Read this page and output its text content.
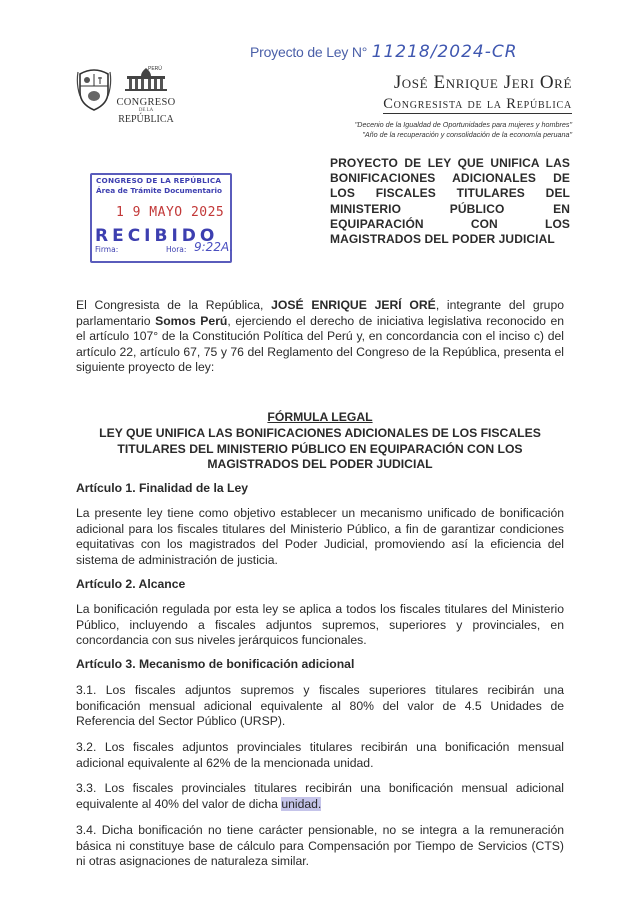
Proyecto de Ley N° 11218/2024-CR
CONGRESO
DE LA
REPÚBLICA
PERÚ
José Enrique Jeri Oré
Congresista de la República
"Decenio de la Igualdad de Oportunidades para mujeres y hombres"
"Año de la recuperación y consolidación de la economía peruana"
CONGRESO DE LA REPÚBLICA
Área de Trámite Documentario
1 9 MAYO 2025
RECIBIDO
Firma:	Hora: 9:22A.
PROYECTO DE LEY QUE UNIFICA LAS BONIFICACIONES ADICIONALES DE LOS FISCALES TITULARES DEL MINISTERIO PÚBLICO EN EQUIPARACIÓN CON LOS MAGISTRADOS DEL PODER JUDICIAL
El Congresista de la República, JOSÉ ENRIQUE JERÍ ORÉ, integrante del grupo parlamentario Somos Perú, ejerciendo el derecho de iniciativa legislativa reconocido en el artículo 107° de la Constitución Política del Perú y, en concordancia con el inciso c) del artículo 22, artículo 67, 75 y 76 del Reglamento del Congreso de la República, presenta el siguiente proyecto de ley:
FÓRMULA LEGAL
LEY QUE UNIFICA LAS BONIFICACIONES ADICIONALES DE LOS FISCALES TITULARES DEL MINISTERIO PÚBLICO EN EQUIPARACIÓN CON LOS MAGISTRADOS DEL PODER JUDICIAL
Artículo 1. Finalidad de la Ley
La presente ley tiene como objetivo establecer un mecanismo unificado de bonificación adicional para los fiscales titulares del Ministerio Público, a fin de garantizar condiciones equitativas con los magistrados del Poder Judicial, promoviendo así la eficiencia del sistema de administración de justicia.
Artículo 2. Alcance
La bonificación regulada por esta ley se aplica a todos los fiscales titulares del Ministerio Público, incluyendo a fiscales adjuntos supremos, superiores y provinciales, en concordancia con sus niveles jerárquicos funcionales.
Artículo 3. Mecanismo de bonificación adicional
3.1. Los fiscales adjuntos supremos y fiscales superiores titulares recibirán una bonificación mensual adicional equivalente al 80% del valor de 4.5 Unidades de Referencia del Sector Público (URSP).
3.2. Los fiscales adjuntos provinciales titulares recibirán una bonificación mensual adicional equivalente al 62% de la mencionada unidad.
3.3. Los fiscales provinciales titulares recibirán una bonificación mensual adicional equivalente al 40% del valor de dicha unidad.
3.4. Dicha bonificación no tiene carácter pensionable, no se integra a la remuneración básica ni constituye base de cálculo para Compensación por Tiempo de Servicios (CTS) ni otras asignaciones de naturaleza similar.
